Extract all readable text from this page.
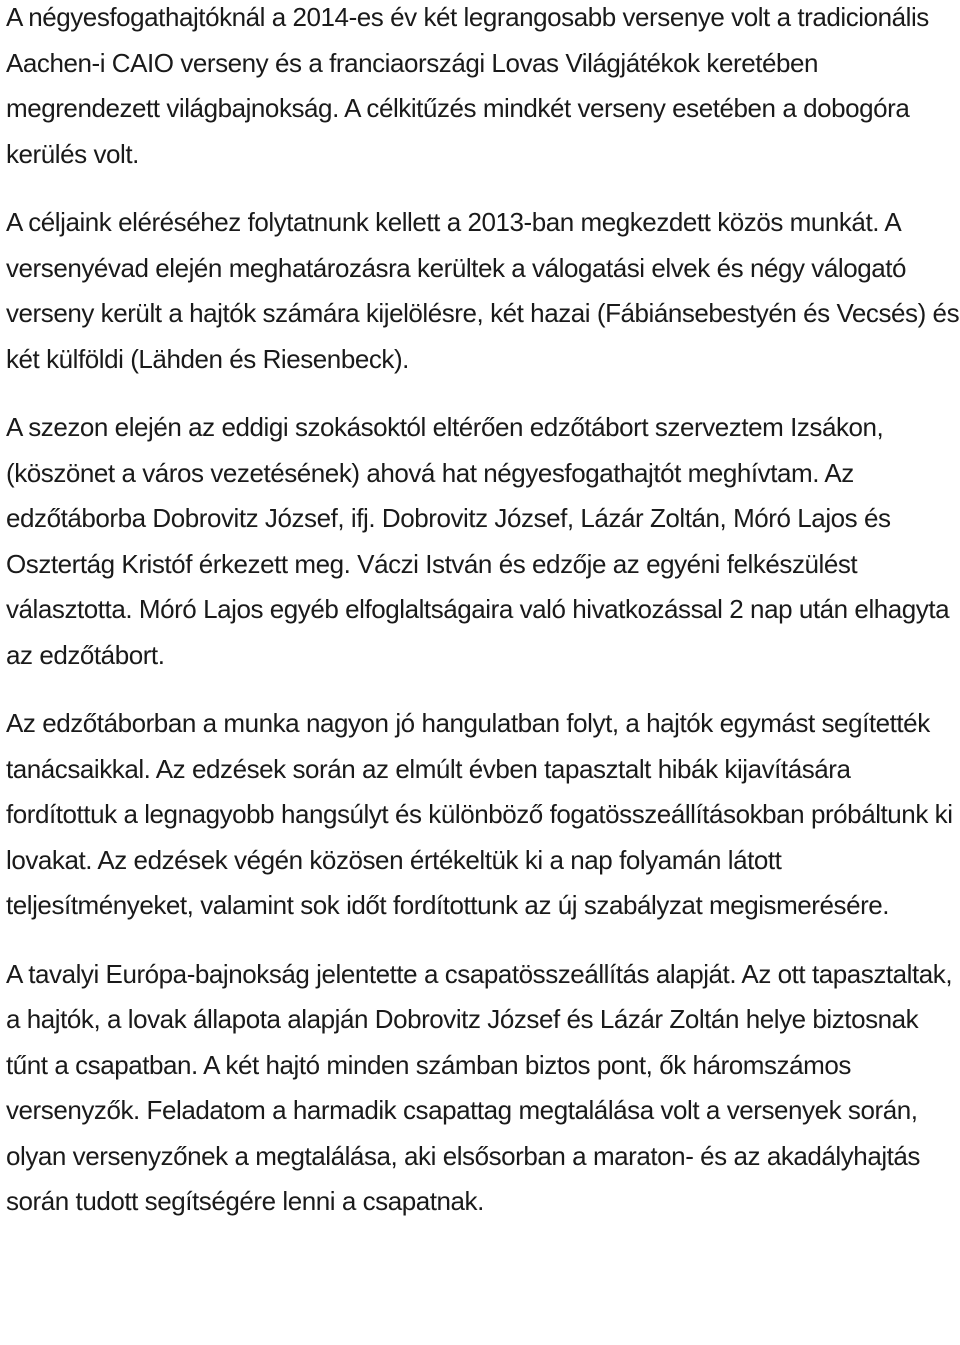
A négyesfogathajtóknál a 2014-es év két legrangosabb versenye volt a tradicionális Aachen-i CAIO verseny és a franciaországi Lovas Világjátékok keretében megrendezett világbajnokság. A célkitűzés mindkét verseny esetében a dobogóra kerülés volt.

A céljaink eléréséhez folytatnunk kellett a 2013-ban megkezdett közös munkát. A versenyévad elején meghatározásra kerültek a válogatási elvek és négy válogató verseny került a hajtók számára kijelölésre, két hazai (Fábiánsebestyén és Vecsés) és két külföldi (Lähden és Riesenbeck).

A szezon elején az eddigi szokásoktól eltérően edzőtábort szerveztem Izsákon, (köszönet a város vezetésének) ahová hat négyesfogathajtót meghívtam. Az edzőtáborba Dobrovitz József, ifj. Dobrovitz József, Lázár Zoltán, Móró Lajos és Osztertág Kristóf érkezett meg. Váczi István és edzője az egyéni felkészülést választotta. Móró Lajos egyéb elfoglaltságaira való hivatkozással 2 nap után elhagyta az edzőtábort.

Az edzőtáborban a munka nagyon jó hangulatban folyt, a hajtók egymást segítették tanácsaikkal. Az edzések során az elmúlt évben tapasztalt hibák kijavítására fordítottuk a legnagyobb hangsúlyt és különböző fogatösszeállításokban próbáltunk ki lovakat. Az edzések végén közösen értékeltük ki a nap folyamán látott teljesítményeket, valamint sok időt fordítottunk az új szabályzat megismerésére.

A tavalyi Európa-bajnokság jelentette a csapatösszeállítás alapját. Az ott tapasztaltak, a hajtók, a lovak állapota alapján Dobrovitz József és Lázár Zoltán helye biztosnak tűnt a csapatban. A két hajtó minden számban biztos pont, ők háromszámos versenyzők. Feladatom a harmadik csapattag megtalálása volt a versenyek során, olyan versenyzőnek a megtalálása, aki elsősorban a maraton- és az akadályhajtás során tudott segítségére lenni a csapatnak.
